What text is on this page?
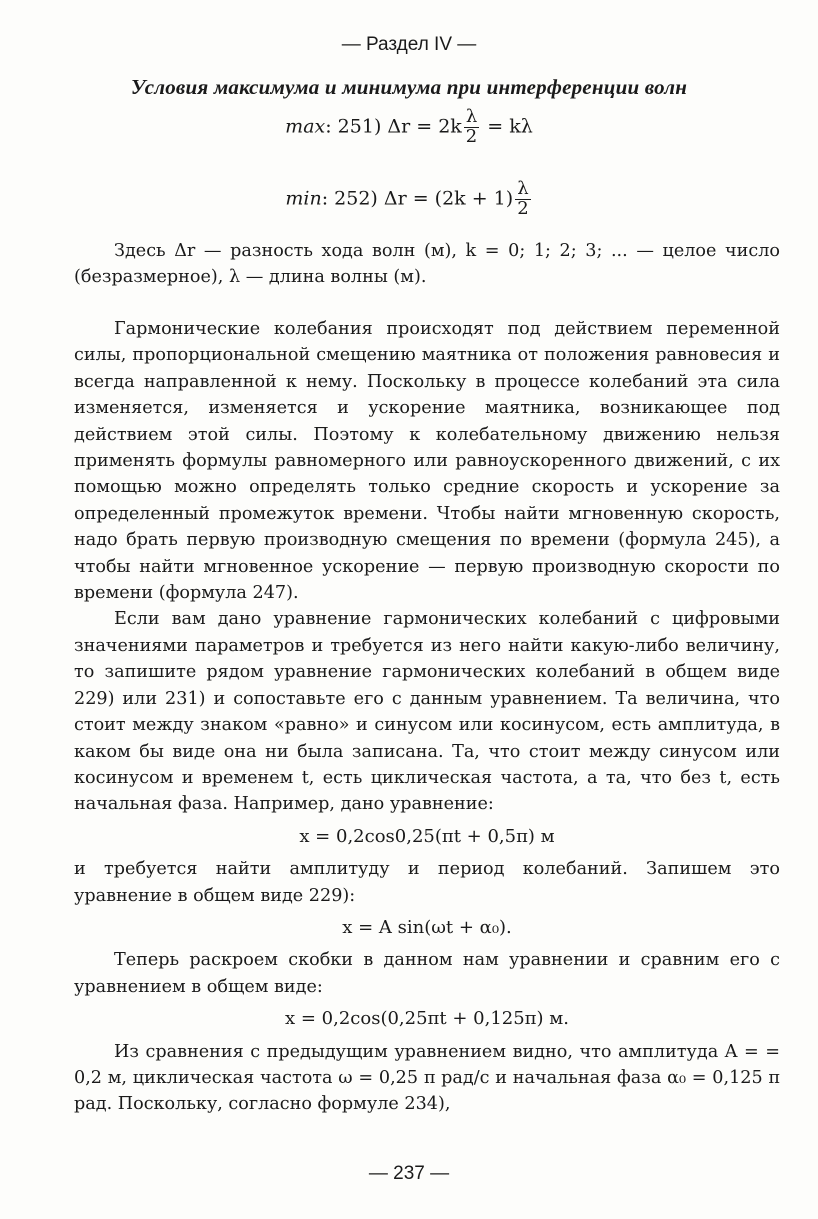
— Раздел IV —
Условия максимума и минимума при интерференции волн
max: 251) $\Delta r = 2k \frac{\lambda}{2} = k\lambda$
min: 252) $\Delta r = (2k + 1) \frac{\lambda}{2}$

Здесь Δr — разность хода волн (м), k = 0; 1; 2; 3; ... — целое число (безразмерное), λ — длина волны (м).

Гармонические колебания происходят под действием переменной силы, пропорциональной смещению маятника от положения равновесия и всегда направленной к нему. Поскольку в процессе колебаний эта сила изменяется, изменяется и ускорение маятника, возникающее под действием этой силы. Поэтому к колебательному движению нельзя применять формулы равномерного или равноускоренного движений, с их помощью можно определять только средние скорость и ускорение за определенный промежуток времени. Чтобы найти мгновенную скорость, надо брать первую производную смещения по времени (формула 245), а чтобы найти мгновенное ускорение — первую производную скорости по времени (формула 247).

Если вам дано уравнение гармонических колебаний с цифровыми значениями параметров и требуется из него найти какую-либо величину, то запишите рядом уравнение гармонических колебаний в общем виде 229) или 231) и сопоставьте его с данным уравнением. Та величина, что стоит между знаком «равно» и синусом или косинусом, есть амплитуда, в каком бы виде она ни была записана. Та, что стоит между синусом или косинусом и временем t, есть циклическая частота, а та, что без t, есть начальная фаза. Например, дано уравнение:

x = 0,2cos0,25(πt + 0,5π) м

и требуется найти амплитуду и период колебаний. Запишем это уравнение в общем виде 229):

x = A sin(ωt + α₀).

Теперь раскроем скобки в данном нам уравнении и сравним его с уравнением в общем виде:

x = 0,2cos(0,25πt + 0,125π) м.

Из сравнения с предыдущим уравнением видно, что амплитуда A = = 0,2 м, циклическая частота ω = 0,25 π рад/с и начальная фаза α₀ = 0,125 π рад. Поскольку, согласно формуле 234),

— 237 —
